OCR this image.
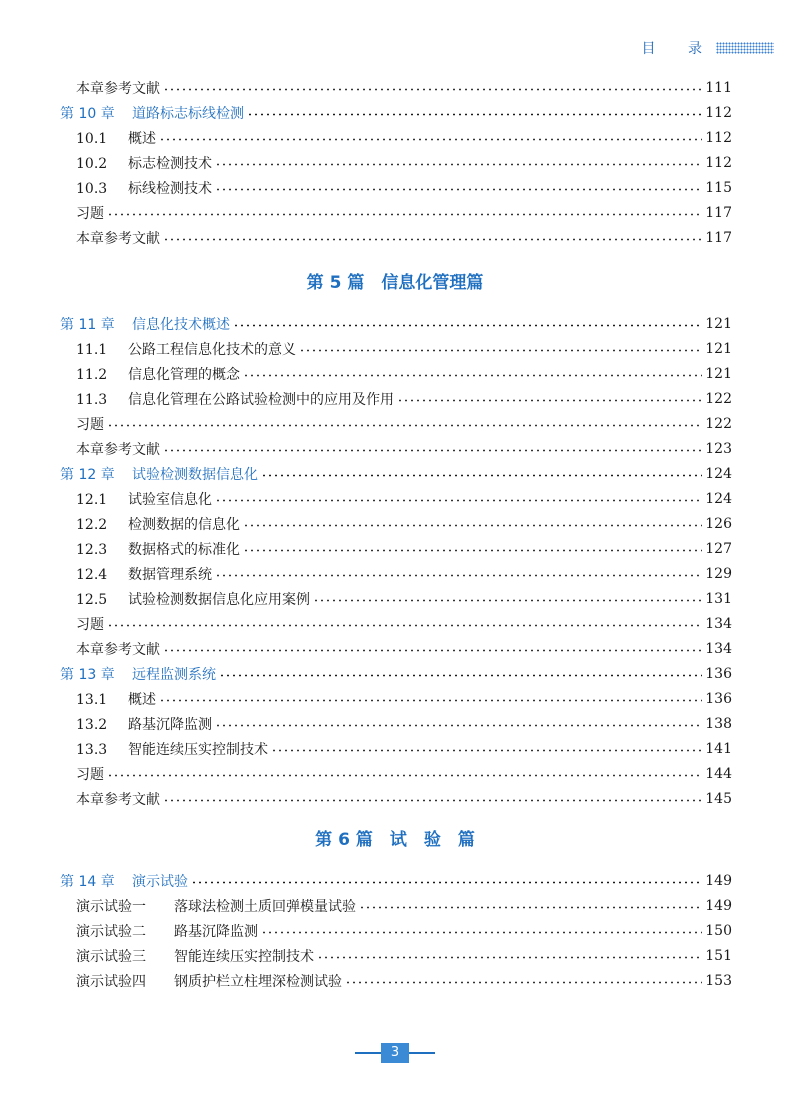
目 录
本章参考文献	111
第 10 章 道路标志标线检测	112
10.1 概述	112
10.2 标志检测技术	112
10.3 标线检测技术	115
习题	117
本章参考文献	117
第 11 章 信息化技术概述	121
11.1 公路工程信息化技术的意义	121
11.2 信息化管理的概念	121
11.3 信息化管理在公路试验检测中的应用及作用	122
习题	122
本章参考文献	123
第 12 章 试验检测数据信息化	124
12.1 试验室信息化	124
12.2 检测数据的信息化	126
12.3 数据格式的标准化	127
12.4 数据管理系统	129
12.5 试验检测数据信息化应用案例	131
习题	134
本章参考文献	134
第 13 章 远程监测系统	136
13.1 概述	136
13.2 路基沉降监测	138
13.3 智能连续压实控制技术	141
习题	144
本章参考文献	145
第 14 章 演示试验	149
演示试验一 落球法检测土质回弹模量试验	149
演示试验二 路基沉降监测	150
演示试验三 智能连续压实控制技术	151
演示试验四 钢质护栏立柱埋深检测试验	153
第 5 篇　信息化管理篇
第 6 篇　试　验　篇
3
